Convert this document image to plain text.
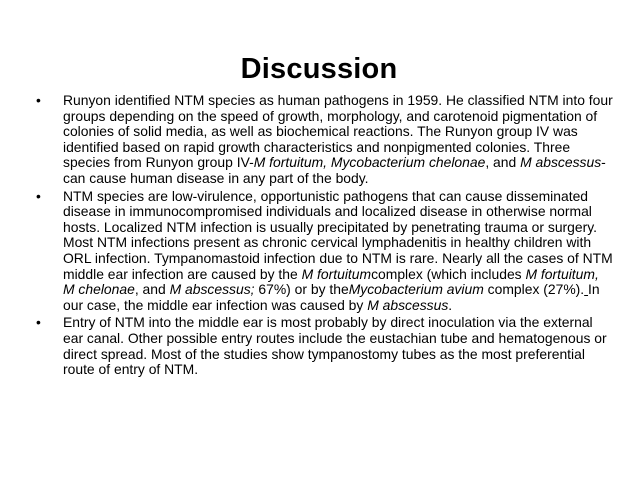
Discussion
• Runyon identified NTM species as human pathogens in 1959. He classified NTM into four groups depending on the speed of growth, morphology, and carotenoid pigmentation of colonies of solid media, as well as biochemical reactions. The Runyon group IV was identified based on rapid growth characteristics and nonpigmented colonies. Three species from Runyon group IV-M fortuitum, Mycobacterium chelonae, and M abscessus-can cause human disease in any part of the body.
• NTM species are low-virulence, opportunistic pathogens that can cause disseminated disease in immunocompromised individuals and localized disease in otherwise normal hosts. Localized NTM infection is usually precipitated by penetrating trauma or surgery. Most NTM infections present as chronic cervical lymphadenitis in healthy children with ORL infection. Tympanomastoid infection due to NTM is rare. Nearly all the cases of NTM middle ear infection are caused by the M fortuitumcomplex (which includes M fortuitum, M chelonae, and M abscessus; 67%) or by theMycobacterium avium complex (27%). In our case, the middle ear infection was caused by M abscessus.
• Entry of NTM into the middle ear is most probably by direct inoculation via the external ear canal. Other possible entry routes include the eustachian tube and hematogenous or direct spread. Most of the studies show tympanostomy tubes as the most preferential route of entry of NTM.
